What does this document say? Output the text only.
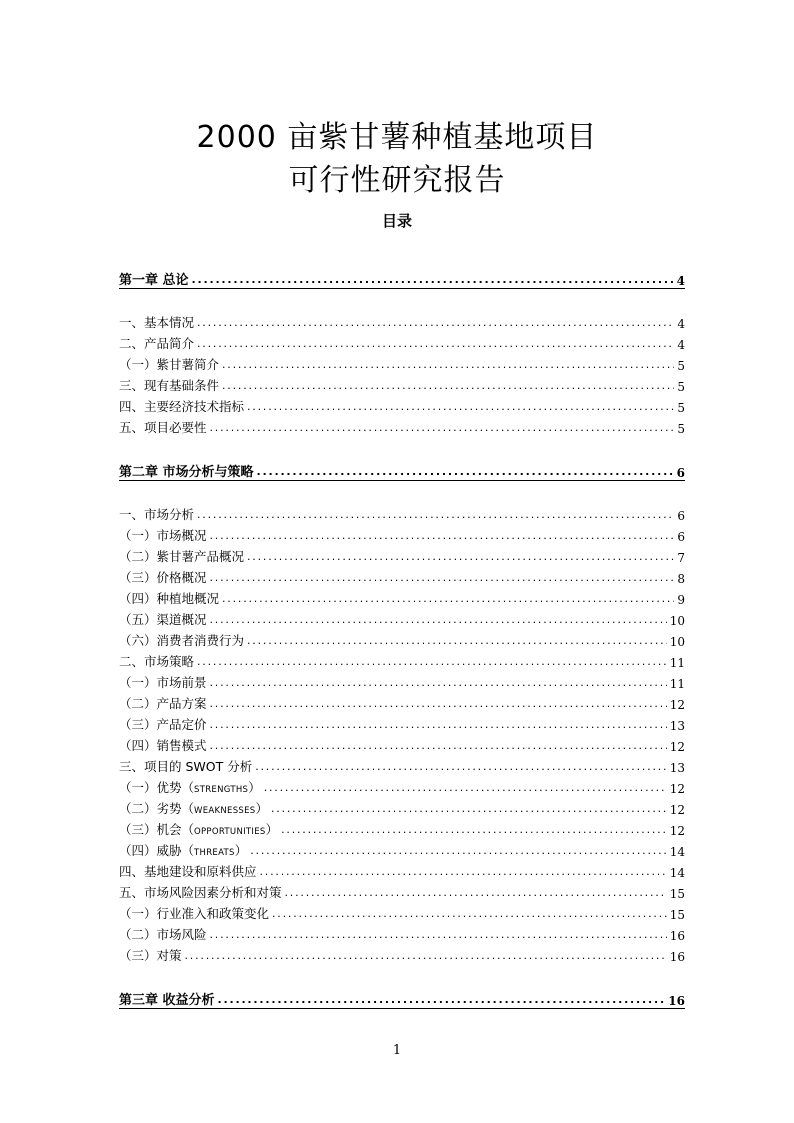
2000 亩紫甘薯种植基地项目
可行性研究报告
目录
第一章 总论 .....	4
一、基本情况 .....	4
二、产品简介 .....	4
（一）紫甘薯简介 .....	5
三、现有基础条件 .....	5
四、主要经济技术指标 .....	5
五、项目必要性 .....	5
第二章 市场分析与策略 .....	6
一、市场分析 .....	6
（一）市场概况 .....	6
（二）紫甘薯产品概况 .....	7
（三）价格概况 .....	8
（四）种植地概况 .....	9
（五）渠道概况 .....	10
（六）消费者消费行为 .....	10
二、市场策略 .....	11
（一）市场前景 .....	11
（二）产品方案 .....	12
（三）产品定价 .....	13
（四）销售模式 .....	12
三、项目的 SWOT 分析 .....	13
（一）优势（STRENGTHS） .....	12
（二）劣势（WEAKNESSES） .....	12
（三）机会（OPPORTUNITIES） .....	12
（四）威胁（THREATS） .....	14
四、基地建设和原料供应 .....	14
五、市场风险因素分析和对策 .....	15
（一）行业准入和政策变化 .....	15
（二）市场风险 .....	16
（三）对策 .....	16
第三章 收益分析 .....	16
1
